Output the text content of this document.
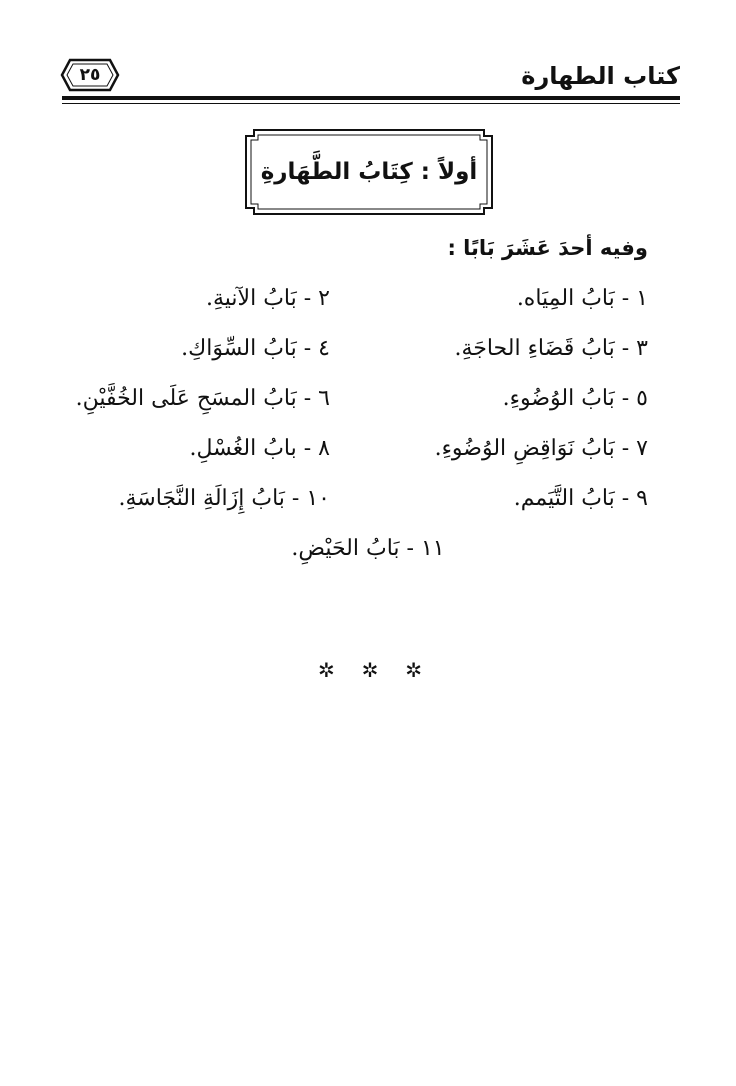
كتاب الطهارة
٢٥
أولاً : كِتَابُ الطَّهَارةِ
وفيه أحدَ عَشَرَ بَابًا :
١ - بَابُ المِيَاه.
٢ - بَابُ الآنيةِ.
٣ - بَابُ قَضَاءِ الحاجَةِ.
٤ - بَابُ السِّوَاكِ.
٥ - بَابُ الوُضُوءِ.
٦ - بَابُ المسَحِ عَلَى الخُفَّيْنِ.
٧ - بَابُ نَوَاقِضِ الوُضُوءِ.
٨ - بابُ الغُسْلِ.
٩ - بَابُ التَّيَمم.
١٠ - بَابُ إِزَالَةِ النَّجَاسَةِ.
١١ - بَابُ الحَيْضِ.
✲ ✲ ✲
